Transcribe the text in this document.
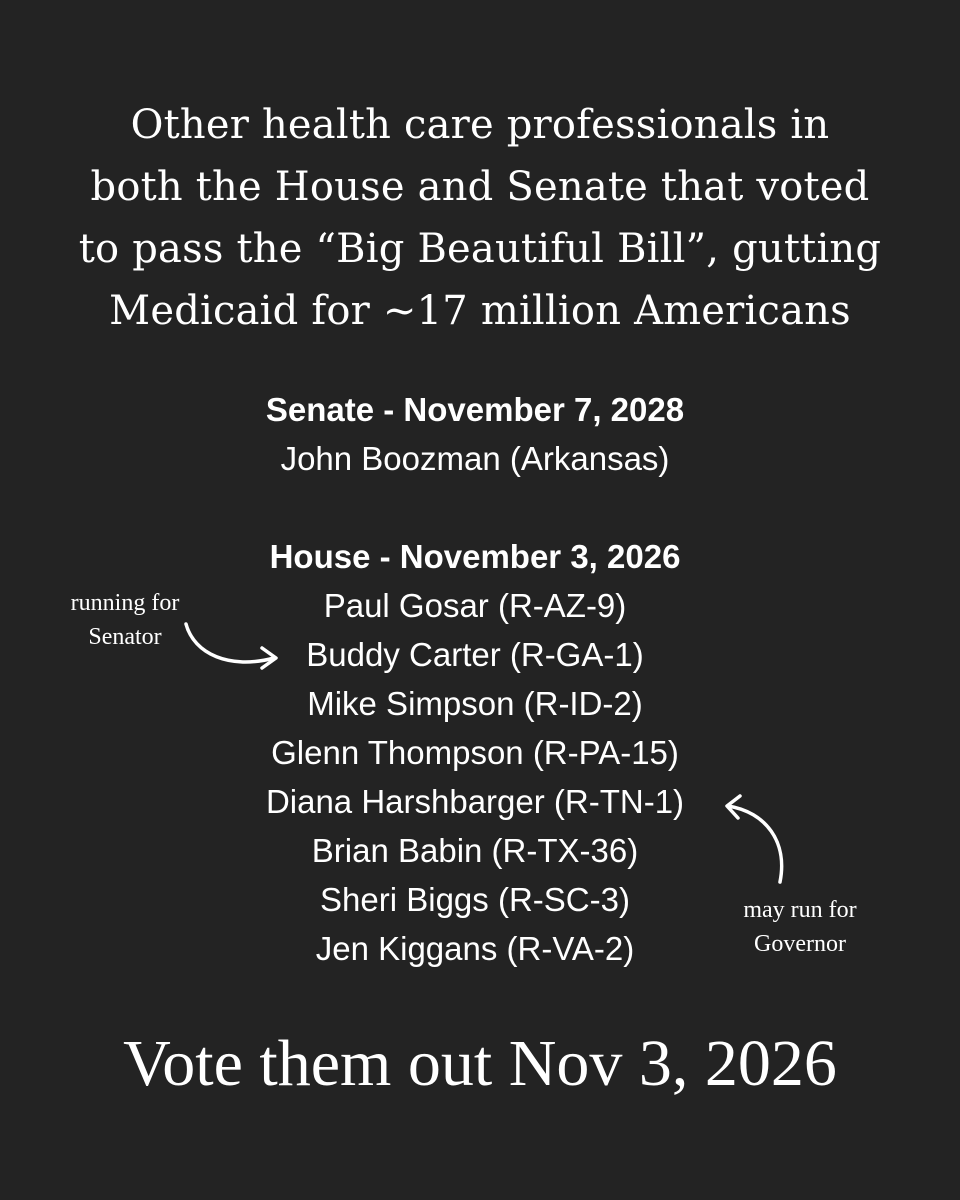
Other health care professionals in
both the House and Senate that voted
to pass the “Big Beautiful Bill”, gutting
Medicaid for ~17 million Americans
Senate - November 7, 2028
John Boozman (Arkansas)
House - November 3, 2026
Paul Gosar (R-AZ-9)
Buddy Carter (R-GA-1)
Mike Simpson (R-ID-2)
Glenn Thompson (R-PA-15)
Diana Harshbarger (R-TN-1)
Brian Babin (R-TX-36)
Sheri Biggs (R-SC-3)
Jen Kiggans (R-VA-2)
running for
Senator
may run for
Governor
Vote them out Nov 3, 2026
